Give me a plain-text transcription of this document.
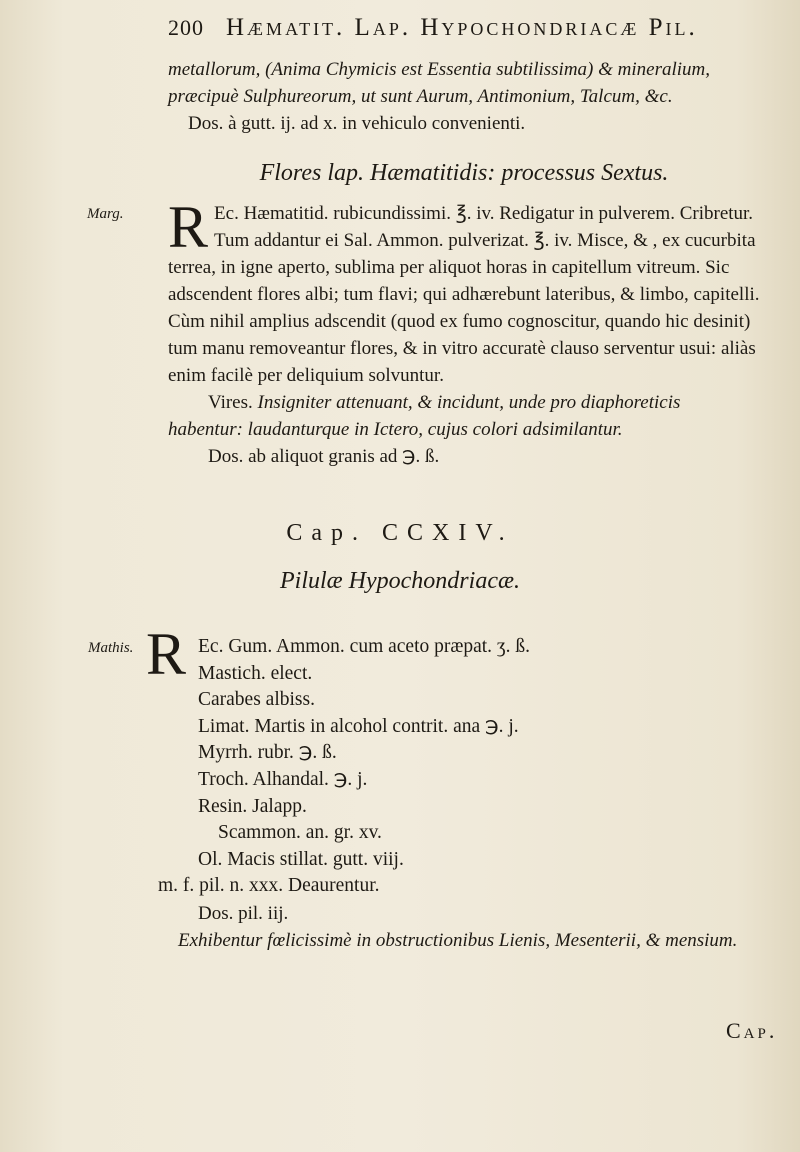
200 Hæmatit. Lap. Hypochondriacæ Pil.

metallorum, (Anima Chymicis est Essentia subtilissima) & mineralium, præcipuè Sulphureorum, ut sunt Aurum, Antimonium, Talcum, &c.

Dos. à gutt. ij. ad x. in vehiculo convenienti.

Flores lap. Hæmatitidis: processus Sextus.
Marg. R Ec. Hæmatitid. rubicundissimi. ℥. iv. Redigatur in pulverem. Cribretur. Tum addantur ei Sal. Ammon. pulverizat. ℥. iv. Misce, & , ex cucurbita terrea, in igne aperto, sublima per aliquot horas in capitellum vitreum. Sic adscendent flores albi; tum flavi; qui adhærebunt lateribus, & limbo, capitelli. Cùm nihil amplius adscendit (quod ex fumo cognoscitur, quando hic desinit) tum manu removeantur flores, & in vitro accuratè clauso serventur usui: aliàs enim facilè per deliquium solvuntur.

Vires. Insigniter attenuant, & incidunt, unde pro diaphoreticis habentur: laudanturque in Ictero, cujus colori adsimilantur.

Dos. ab aliquot granis ad ℈. ß.

Cap. CCXIV.
Pilulæ Hypochondriacæ.
Mathis. R Ec. Gum. Ammon. cum aceto præpat. ʒ. ß.
Mastich. elect.
Carabes albiss.
Limat. Martis in alcohol contrit. ana ℈. j.
Myrrh. rubr. ℈. ß.
Troch. Alhandal. ℈. j.
Resin. Jalapp.
Scammon. an. gr. xv.
Ol. Macis stillat. gutt. viij.
m. f. pil. n. xxx. Deaurentur.

Dos. pil. iij.

Exhibentur fœlicissimè in obstructionibus Lienis, Mesenterii, & mensium.

Cap.
